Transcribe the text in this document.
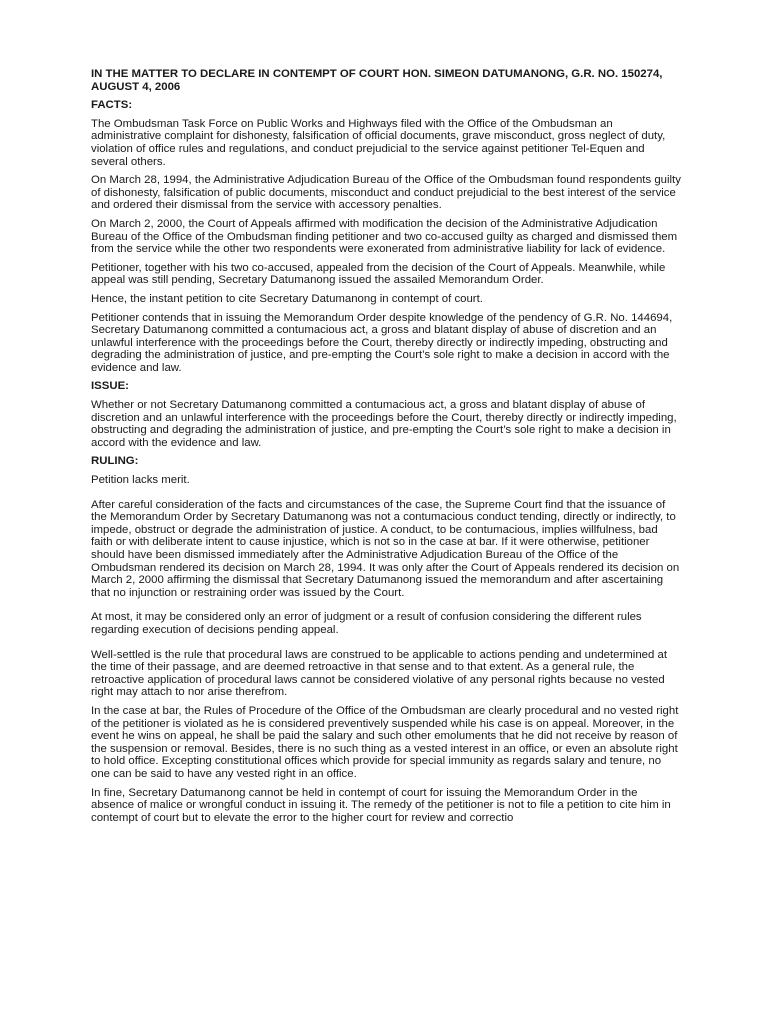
IN THE MATTER TO DECLARE IN CONTEMPT OF COURT HON. SIMEON DATUMANONG, G.R. NO. 150274, AUGUST 4, 2006
FACTS:

The Ombudsman Task Force on Public Works and Highways filed with the Office of the Ombudsman an administrative complaint for dishonesty, falsification of official documents, grave misconduct, gross neglect of duty, violation of office rules and regulations, and conduct prejudicial to the service against petitioner Tel-Equen and several others.

On March 28, 1994, the Administrative Adjudication Bureau of the Office of the Ombudsman found respondents guilty of dishonesty, falsification of public documents, misconduct and conduct prejudicial to the best interest of the service and ordered their dismissal from the service with accessory penalties.

On March 2, 2000, the Court of Appeals affirmed with modification the decision of the Administrative Adjudication Bureau of the Office of the Ombudsman finding petitioner and two co-accused guilty as charged and dismissed them from the service while the other two respondents were exonerated from administrative liability for lack of evidence.

Petitioner, together with his two co-accused, appealed from the decision of the Court of Appeals. Meanwhile, while appeal was still pending, Secretary Datumanong issued the assailed Memorandum Order.

Hence, the instant petition to cite Secretary Datumanong in contempt of court.

Petitioner contends that in issuing the Memorandum Order despite knowledge of the pendency of G.R. No. 144694, Secretary Datumanong committed a contumacious act, a gross and blatant display of abuse of discretion and an unlawful interference with the proceedings before the Court, thereby directly or indirectly impeding, obstructing and degrading the administration of justice, and pre-empting the Court’s sole right to make a decision in accord with the evidence and law.

ISSUE:

Whether or not Secretary Datumanong committed a contumacious act, a gross and blatant display of abuse of discretion and an unlawful interference with the proceedings before the Court, thereby directly or indirectly impeding, obstructing and degrading the administration of justice, and pre-empting the Court’s sole right to make a decision in accord with the evidence and law.

RULING:

Petition lacks merit.

After careful consideration of the facts and circumstances of the case, the Supreme Court find that the issuance of the Memorandum Order by Secretary Datumanong was not a contumacious conduct tending, directly or indirectly, to impede, obstruct or degrade the administration of justice. A conduct, to be contumacious, implies willfulness, bad faith or with deliberate intent to cause injustice, which is not so in the case at bar. If it were otherwise, petitioner should have been dismissed immediately after the Administrative Adjudication Bureau of the Office of the Ombudsman rendered its decision on March 28, 1994. It was only after the Court of Appeals rendered its decision on March 2, 2000 affirming the dismissal that Secretary Datumanong issued the memorandum and after ascertaining that no injunction or restraining order was issued by the Court.

At most, it may be considered only an error of judgment or a result of confusion considering the different rules regarding execution of decisions pending appeal.

Well-settled is the rule that procedural laws are construed to be applicable to actions pending and undetermined at the time of their passage, and are deemed retroactive in that sense and to that extent. As a general rule, the retroactive application of procedural laws cannot be considered violative of any personal rights because no vested right may attach to nor arise therefrom.

In the case at bar, the Rules of Procedure of the Office of the Ombudsman are clearly procedural and no vested right of the petitioner is violated as he is considered preventively suspended while his case is on appeal. Moreover, in the event he wins on appeal, he shall be paid the salary and such other emoluments that he did not receive by reason of the suspension or removal. Besides, there is no such thing as a vested interest in an office, or even an absolute right to hold office. Excepting constitutional offices which provide for special immunity as regards salary and tenure, no one can be said to have any vested right in an office.

In fine, Secretary Datumanong cannot be held in contempt of court for issuing the Memorandum Order in the absence of malice or wrongful conduct in issuing it. The remedy of the petitioner is not to file a petition to cite him in contempt of court but to elevate the error to the higher court for review and correctio
